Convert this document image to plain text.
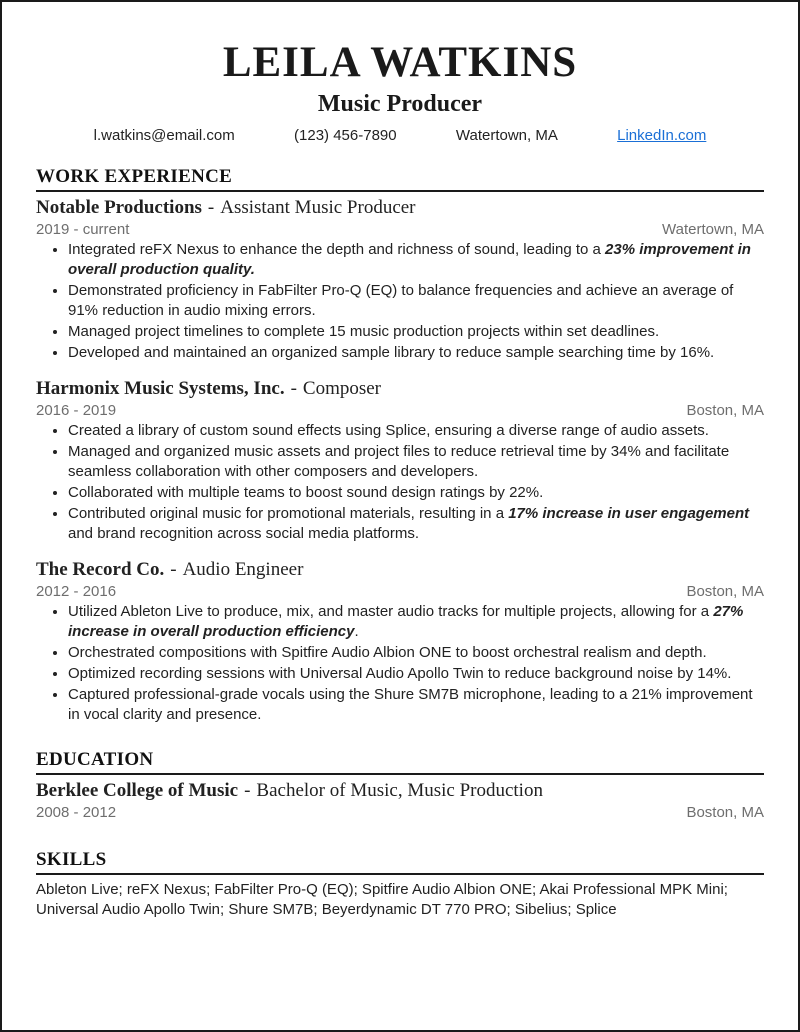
LEILA WATKINS
Music Producer
l.watkins@email.com	(123) 456-7890	Watertown, MA	LinkedIn.com
WORK EXPERIENCE
Notable Productions - Assistant Music Producer
2019 - current	Watertown, MA
• Integrated reFX Nexus to enhance the depth and richness of sound, leading to a 23% improvement in overall production quality.
• Demonstrated proficiency in FabFilter Pro-Q (EQ) to balance frequencies and achieve an average of 91% reduction in audio mixing errors.
• Managed project timelines to complete 15 music production projects within set deadlines.
• Developed and maintained an organized sample library to reduce sample searching time by 16%.
Harmonix Music Systems, Inc. - Composer
2016 - 2019	Boston, MA
• Created a library of custom sound effects using Splice, ensuring a diverse range of audio assets.
• Managed and organized music assets and project files to reduce retrieval time by 34% and facilitate seamless collaboration with other composers and developers.
• Collaborated with multiple teams to boost sound design ratings by 22%.
• Contributed original music for promotional materials, resulting in a 17% increase in user engagement and brand recognition across social media platforms.
The Record Co. - Audio Engineer
2012 - 2016	Boston, MA
• Utilized Ableton Live to produce, mix, and master audio tracks for multiple projects, allowing for a 27% increase in overall production efficiency.
• Orchestrated compositions with Spitfire Audio Albion ONE to boost orchestral realism and depth.
• Optimized recording sessions with Universal Audio Apollo Twin to reduce background noise by 14%.
• Captured professional-grade vocals using the Shure SM7B microphone, leading to a 21% improvement in vocal clarity and presence.
EDUCATION
Berklee College of Music - Bachelor of Music, Music Production
2008 - 2012	Boston, MA
SKILLS
Ableton Live; reFX Nexus; FabFilter Pro-Q (EQ); Spitfire Audio Albion ONE; Akai Professional MPK Mini; Universal Audio Apollo Twin; Shure SM7B; Beyerdynamic DT 770 PRO; Sibelius; Splice
